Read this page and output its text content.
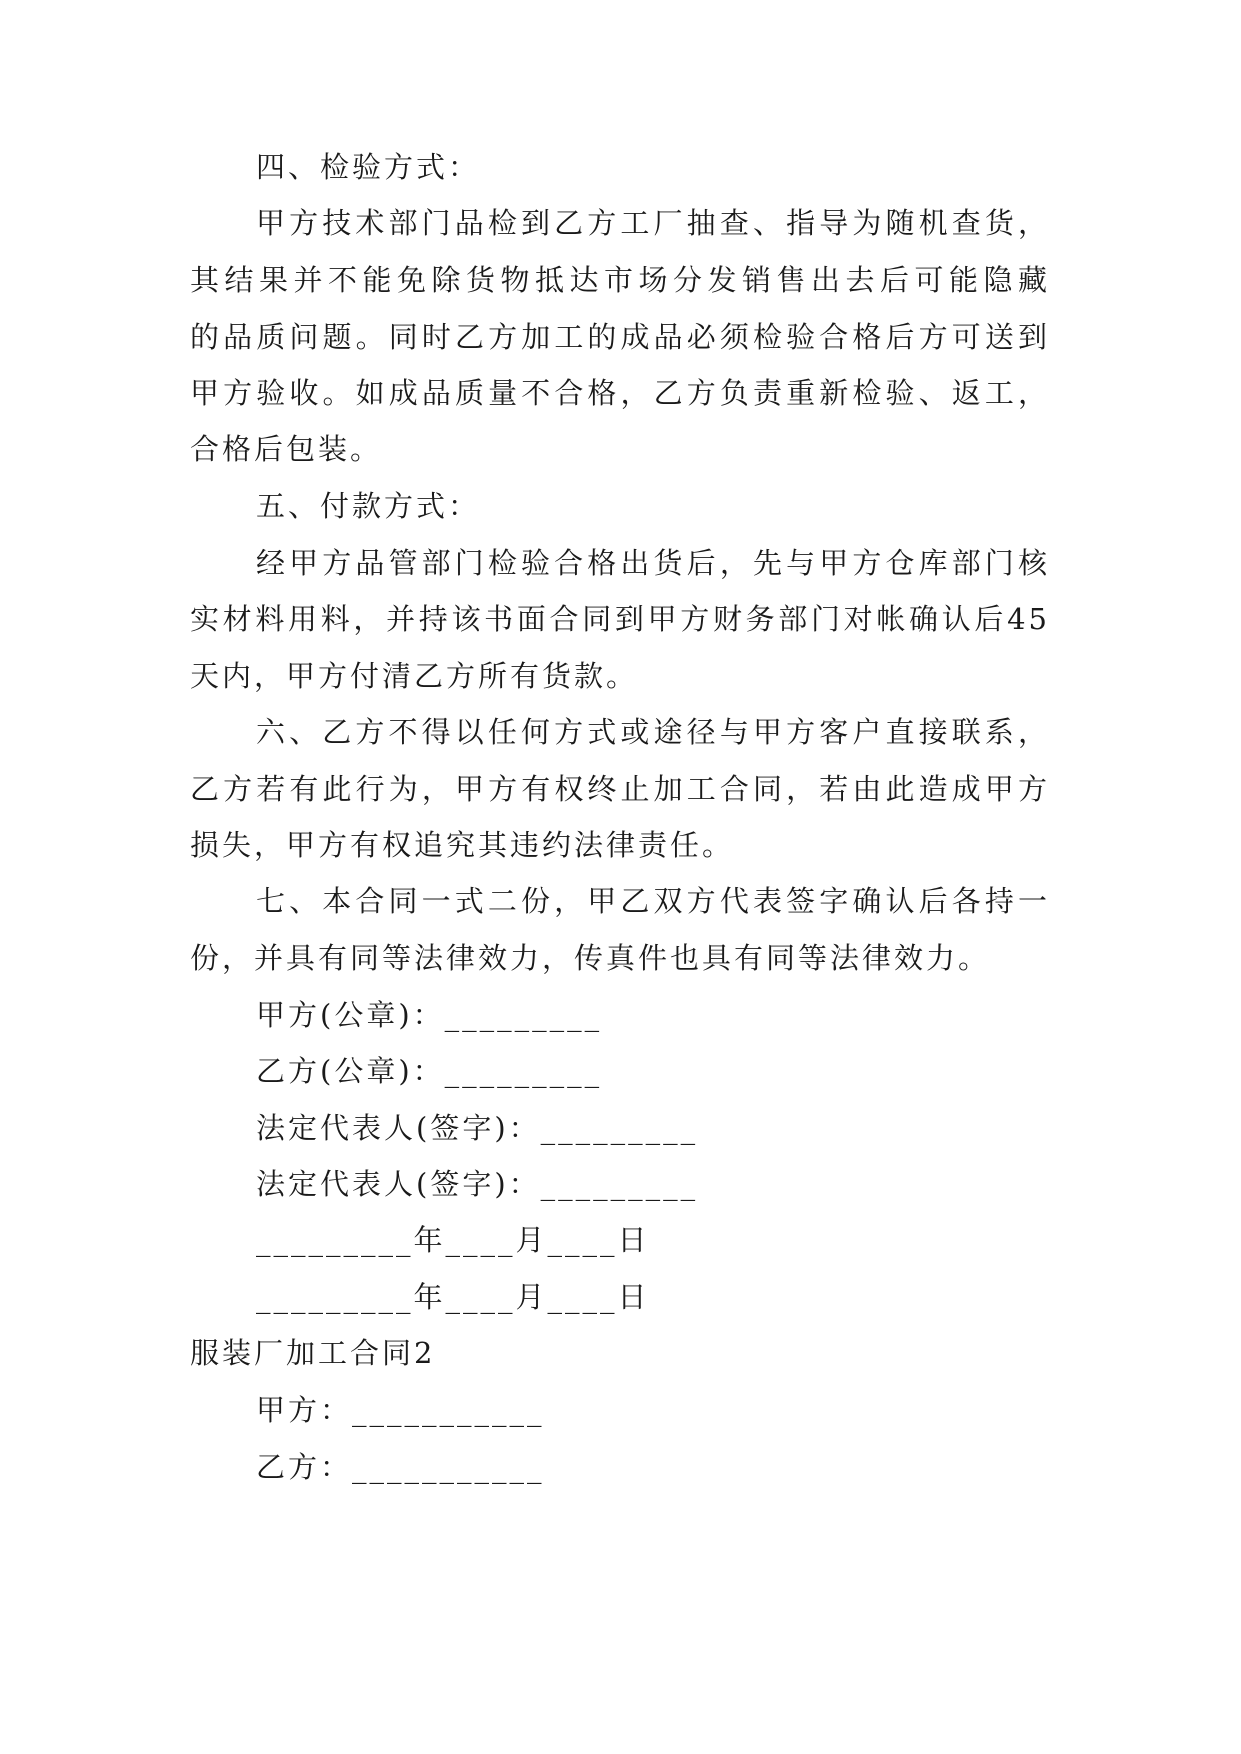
四、检验方式：
甲方技术部门品检到乙方工厂抽查、指导为随机查货，
其结果并不能免除货物抵达市场分发销售出去后可能隐藏
的品质问题。同时乙方加工的成品必须检验合格后方可送到
甲方验收。如成品质量不合格，乙方负责重新检验、返工，
合格后包装。
五、付款方式：
经甲方品管部门检验合格出货后，先与甲方仓库部门核
实材料用料，并持该书面合同到甲方财务部门对帐确认后45
天内，甲方付清乙方所有货款。
六、乙方不得以任何方式或途径与甲方客户直接联系，
乙方若有此行为，甲方有权终止加工合同，若由此造成甲方
损失，甲方有权追究其违约法律责任。
七、本合同一式二份，甲乙双方代表签字确认后各持一
份，并具有同等法律效力，传真件也具有同等法律效力。
甲方(公章)：_________
乙方(公章)：_________
法定代表人(签字)：_________
法定代表人(签字)：_________
_________年____月____日
_________年____月____日
服装厂加工合同2
甲方：___________
乙方：___________
